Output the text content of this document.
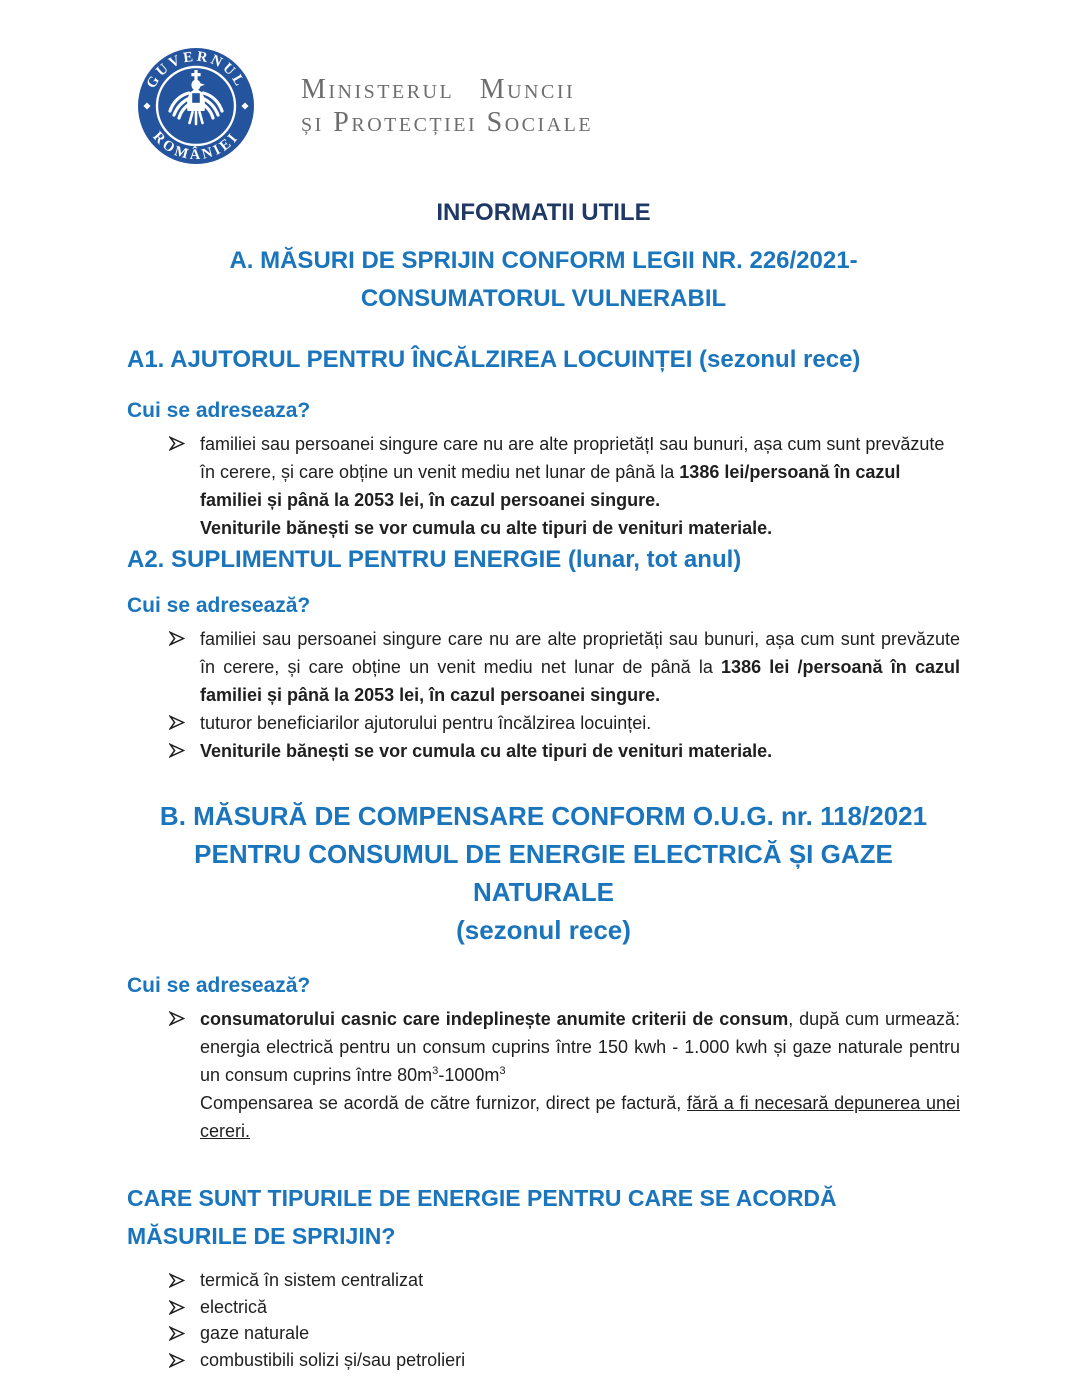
GUVERNUL
ROMÂNIEI
Ministerul Muncii
și Protecției Sociale
INFORMATII UTILE
A. MĂSURI DE SPRIJIN CONFORM LEGII NR. 226/2021-
CONSUMATORUL VULNERABIL
A1. AJUTORUL PENTRU ÎNCĂLZIREA LOCUINȚEI (sezonul rece)
Cui se adreseaza?
familiei sau persoanei singure care nu are alte proprietățI sau bunuri, așa cum sunt prevăzute în cerere, și care obține un venit mediu net lunar de până la 1386 lei/persoană în cazul familiei și până la 2053 lei, în cazul persoanei singure.
Veniturile bănești se vor cumula cu alte tipuri de venituri materiale.
A2. SUPLIMENTUL PENTRU ENERGIE (lunar, tot anul)
Cui se adresează?
familiei sau persoanei singure care nu are alte proprietăți sau bunuri, așa cum sunt prevăzute în cerere, și care obține un venit mediu net lunar de până la 1386 lei /persoană în cazul familiei și până la 2053 lei, în cazul persoanei singure.
tuturor beneficiarilor ajutorului pentru încălzirea locuinței.
Veniturile bănești se vor cumula cu alte tipuri de venituri materiale.
B. MĂSURĂ DE COMPENSARE CONFORM O.U.G. nr. 118/2021
PENTRU CONSUMUL DE ENERGIE ELECTRICĂ ȘI GAZE NATURALE
(sezonul rece)
Cui se adresează?
consumatorului casnic care indeplinește anumite criterii de consum, după cum urmează: energia electrică pentru un consum cuprins între 150 kwh - 1.000 kwh și gaze naturale pentru un consum cuprins între $80m^3-1000m^3$
Compensarea se acordă de către furnizor, direct pe factură, fără a fi necesară depunerea unei cereri.
CARE SUNT TIPURILE DE ENERGIE PENTRU CARE SE ACORDĂ MĂSURILE DE SPRIJIN?
termică în sistem centralizat
electrică
gaze naturale
combustibili solizi și/sau petrolieri
